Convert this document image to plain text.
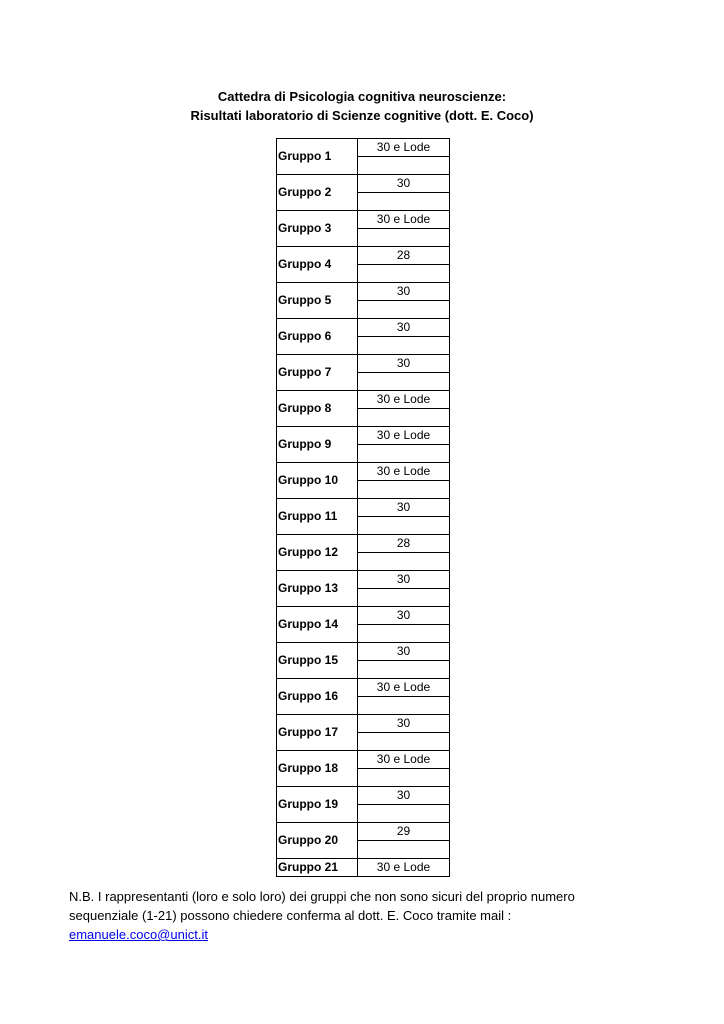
Cattedra di Psicologia cognitiva neuroscienze:
Risultati laboratorio di Scienze cognitive (dott. E. Coco)
Gruppo 1	30 e Lode

Gruppo 2	30

Gruppo 3	30 e Lode

Gruppo 4	28

Gruppo 5	30

Gruppo 6	30

Gruppo 7	30

Gruppo 8	30 e Lode

Gruppo 9	30 e Lode

Gruppo 10	30 e Lode

Gruppo 11	30

Gruppo 12	28

Gruppo 13	30

Gruppo 14	30

Gruppo 15	30

Gruppo 16	30 e Lode

Gruppo 17	30

Gruppo 18	30 e Lode

Gruppo 19	30

Gruppo 20	29

Gruppo 21	30 e Lode

N.B. I rappresentanti (loro e solo loro) dei gruppi che non sono sicuri del proprio numero

sequenziale (1-21) possono chiedere conferma al dott. E. Coco tramite mail :

emanuele.coco@unict.it
